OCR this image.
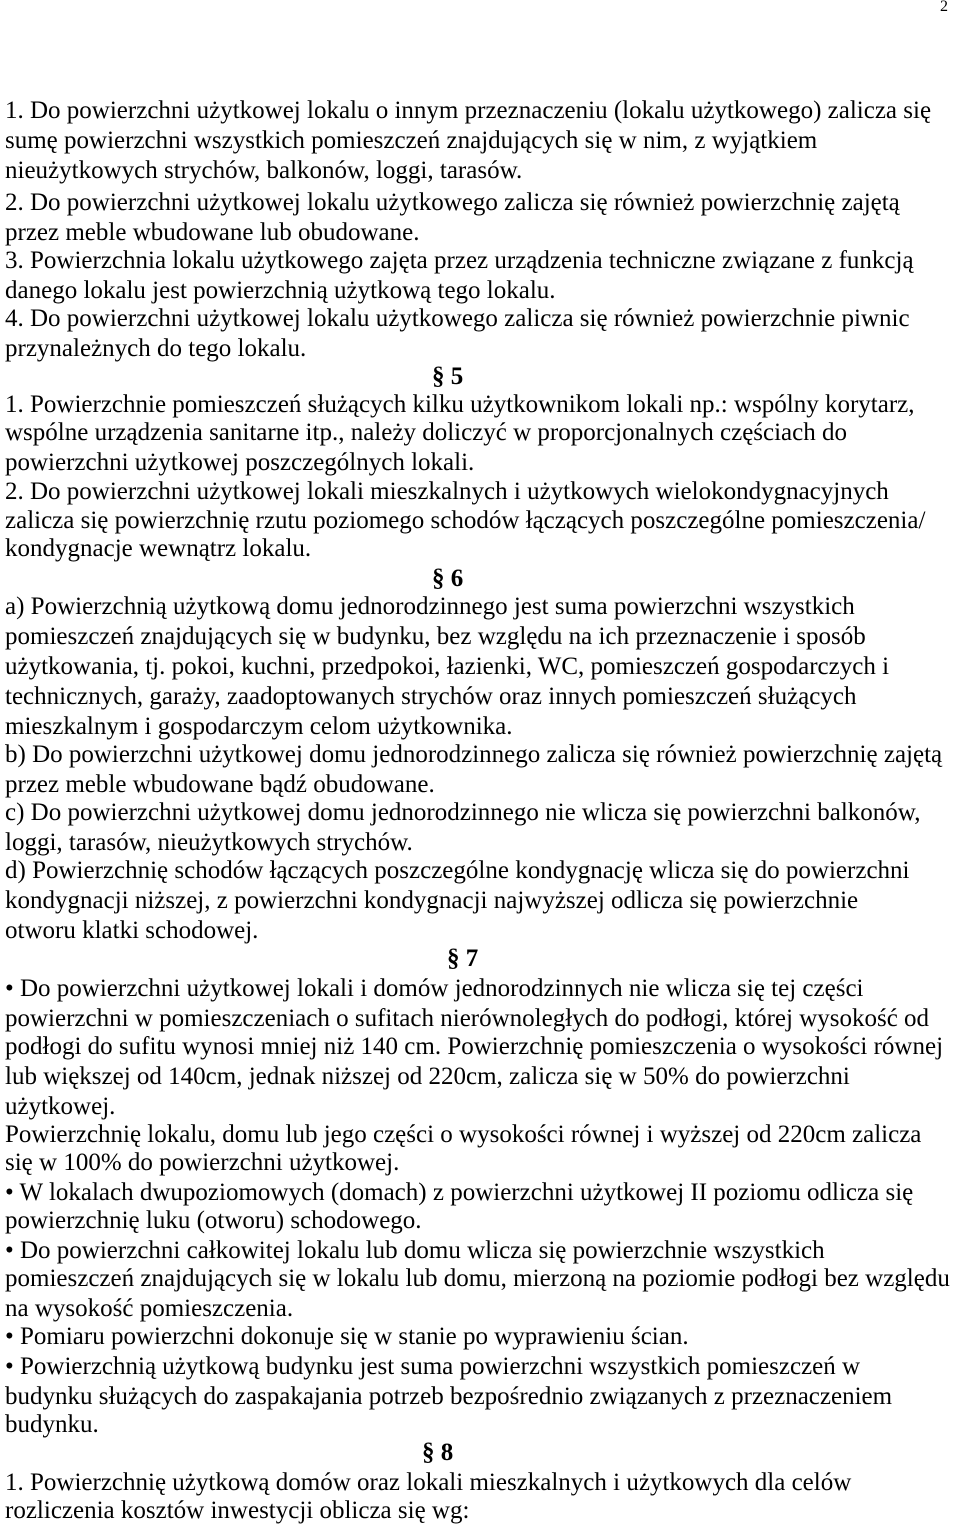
2
1. Do powierzchni użytkowej lokalu o innym przeznaczeniu (lokalu użytkowego) zalicza się
sumę powierzchni wszystkich pomieszczeń znajdujących się w nim, z wyjątkiem
nieużytkowych strychów, balkonów, loggi, tarasów.
2. Do powierzchni użytkowej lokalu użytkowego zalicza się również powierzchnię zajętą
przez meble wbudowane lub obudowane.
3. Powierzchnia lokalu użytkowego zajęta przez urządzenia techniczne związane z funkcją
danego lokalu jest powierzchnią użytkową tego lokalu.
4. Do powierzchni użytkowej lokalu użytkowego zalicza się również powierzchnie piwnic
przynależnych do tego lokalu.
§ 5
1. Powierzchnie pomieszczeń służących kilku użytkownikom lokali np.: wspólny korytarz,
wspólne urządzenia sanitarne itp., należy doliczyć w proporcjonalnych częściach do
powierzchni użytkowej poszczególnych lokali.
2. Do powierzchni użytkowej lokali mieszkalnych i użytkowych wielokondygnacyjnych
zalicza się powierzchnię rzutu poziomego schodów łączących poszczególne pomieszczenia/
kondygnacje wewnątrz lokalu.
§ 6
a) Powierzchnią użytkową domu jednorodzinnego jest suma powierzchni wszystkich
pomieszczeń znajdujących się w budynku, bez względu na ich przeznaczenie i sposób
użytkowania, tj. pokoi, kuchni, przedpokoi, łazienki, WC, pomieszczeń gospodarczych i
technicznych, garaży, zaadoptowanych strychów oraz innych pomieszczeń służących
mieszkalnym i gospodarczym celom użytkownika.
b) Do powierzchni użytkowej domu jednorodzinnego zalicza się również powierzchnię zajętą
przez meble wbudowane bądź obudowane.
c) Do powierzchni użytkowej domu jednorodzinnego nie wlicza się powierzchni balkonów,
loggi, tarasów, nieużytkowych strychów.
d) Powierzchnię schodów łączących poszczególne kondygnację wlicza się do powierzchni
kondygnacji niższej, z powierzchni kondygnacji najwyższej odlicza się powierzchnie
otworu klatki schodowej.
§ 7
• Do powierzchni użytkowej lokali i domów jednorodzinnych nie wlicza się tej części
powierzchni w pomieszczeniach o sufitach nierównoległych do podłogi, której wysokość od
podłogi do sufitu wynosi mniej niż 140 cm. Powierzchnię pomieszczenia o wysokości równej
lub większej od 140cm, jednak niższej od 220cm, zalicza się w 50% do powierzchni
użytkowej.
Powierzchnię lokalu, domu lub jego części o wysokości równej i wyższej od 220cm zalicza
się w 100% do powierzchni użytkowej.
• W lokalach dwupoziomowych (domach) z powierzchni użytkowej II poziomu odlicza się
powierzchnię luku (otworu) schodowego.
• Do powierzchni całkowitej lokalu lub domu wlicza się powierzchnie wszystkich
pomieszczeń znajdujących się w lokalu lub domu, mierzoną na poziomie podłogi bez względu
na wysokość pomieszczenia.
• Pomiaru powierzchni dokonuje się w stanie po wyprawieniu ścian.
• Powierzchnią użytkową budynku jest suma powierzchni wszystkich pomieszczeń w
budynku służących do zaspakajania potrzeb bezpośrednio związanych z przeznaczeniem
budynku.
§ 8
1. Powierzchnię użytkową domów oraz lokali mieszkalnych i użytkowych dla celów
rozliczenia kosztów inwestycji oblicza się wg:
